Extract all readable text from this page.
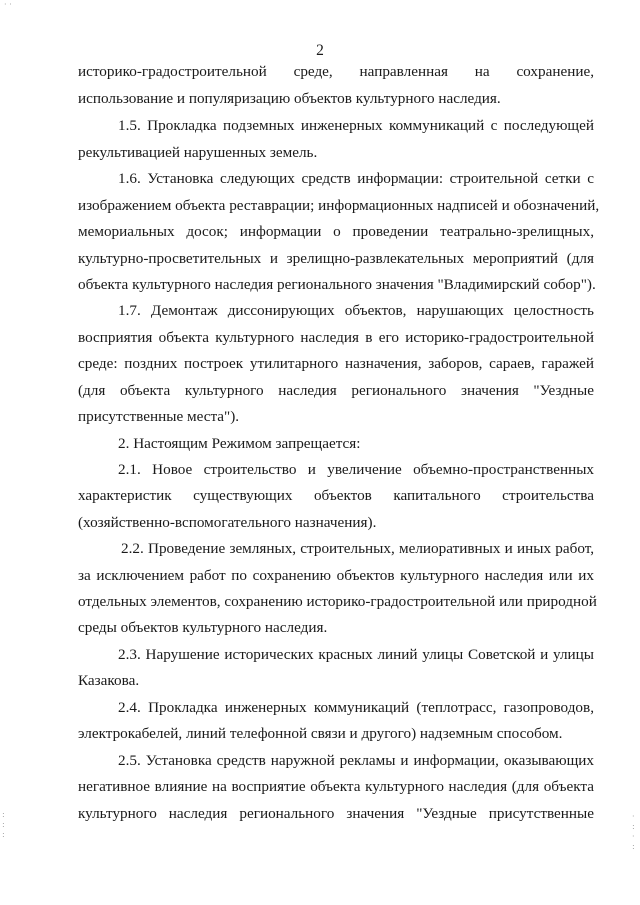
· ·
:
:
:
·
:
·
:
2
историко-градостроительной среде, направленная на сохранение,
использование и популяризацию объектов культурного наследия.
1.5. Прокладка подземных инженерных коммуникаций с последующей
рекультивацией нарушенных земель.
1.6. Установка следующих средств информации: строительной сетки с
изображением объекта реставрации; информационных надписей и обозначений,
мемориальных досок; информации о проведении театрально-зрелищных,
культурно-просветительных и зрелищно-развлекательных мероприятий (для
объекта культурного наследия регионального значения "Владимирский собор").
1.7. Демонтаж диссонирующих объектов, нарушающих целостность
восприятия объекта культурного наследия в его историко-градостроительной
среде: поздних построек утилитарного назначения, заборов, сараев, гаражей
(для объекта культурного наследия регионального значения "Уездные
присутственные места").
2. Настоящим Режимом запрещается:
2.1. Новое строительство и увеличение объемно-пространственных
характеристик существующих объектов капитального строительства
(хозяйственно-вспомогательного назначения).
2.2. Проведение земляных, строительных, мелиоративных и иных работ,
за исключением работ по сохранению объектов культурного наследия или их
отдельных элементов, сохранению историко-градостроительной или природной
среды объектов культурного наследия.
2.3. Нарушение исторических красных линий улицы Советской и улицы
Казакова.
2.4. Прокладка инженерных коммуникаций (теплотрасс, газопроводов,
электрокабелей, линий телефонной связи и другого) надземным способом.
2.5. Установка средств наружной рекламы и информации, оказывающих
негативное влияние на восприятие объекта культурного наследия (для объекта
культурного наследия регионального значения "Уездные присутственные
